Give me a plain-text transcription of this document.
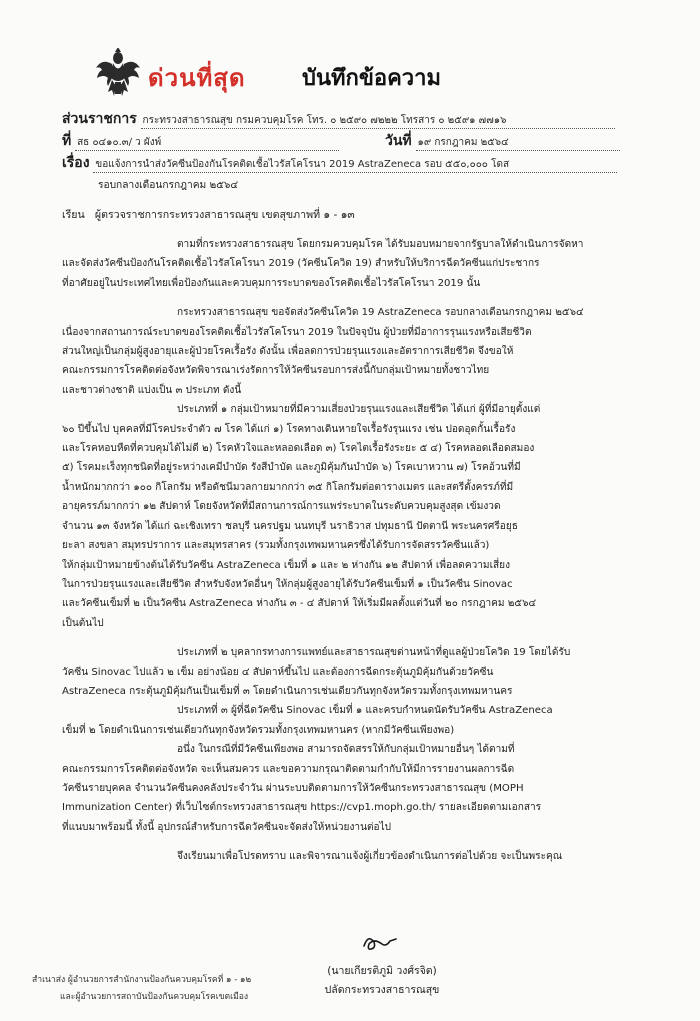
ด่วนที่สุด	บันทึกข้อความ
ส่วนราชการ กระทรวงสาธารณสุข กรมควบคุมโรค โทร. ๐ ๒๕๙๐ ๗๒๒๒ โทรสาร ๐ ๒๕๙๑ ๗๗๑๖
ที่ สธ ๐๔๑๐.๓/ ว ผังพ์	วันที่ ๑๙ กรกฎาคม ๒๕๖๔
เรื่อง ขอแจ้งการนำส่งวัคซีนป้องกันโรคติดเชื้อไวรัสโคโรนา 2019 AstraZeneca รอบ ๕๕๐,๐๐๐ โดส
รอบกลางเดือนกรกฎาคม ๒๕๖๔
เรียน ผู้ตรวจราชการกระทรวงสาธารณสุข เขตสุขภาพที่ ๑ - ๑๓
ตามที่กระทรวงสาธารณสุข โดยกรมควบคุมโรค ได้รับมอบหมายจากรัฐบาลให้ดำเนินการจัดหา
และจัดส่งวัคซีนป้องกันโรคติดเชื้อไวรัสโคโรนา 2019 (วัคซีนโควิด 19) สำหรับให้บริการฉีดวัคซีนแก่ประชากร
ที่อาศัยอยู่ในประเทศไทยเพื่อป้องกันและควบคุมการระบาดของโรคติดเชื้อไวรัสโคโรนา 2019 นั้น
กระทรวงสาธารณสุข ขอจัดส่งวัคซีนโควิด 19 AstraZeneca รอบกลางเดือนกรกฎาคม ๒๕๖๔
เนื่องจากสถานการณ์ระบาดของโรคติดเชื้อไวรัสโคโรนา 2019 ในปัจจุบัน ผู้ป่วยที่มีอาการรุนแรงหรือเสียชีวิต
ส่วนใหญ่เป็นกลุ่มผู้สูงอายุและผู้ป่วยโรคเรื้อรัง ดังนั้น เพื่อลดการป่วยรุนแรงและอัตราการเสียชีวิต จึงขอให้
คณะกรรมการโรคติดต่อจังหวัดพิจารณาเร่งรัดการให้วัคซีนรอบการส่งนี้กับกลุ่มเป้าหมายทั้งชาวไทย
และชาวต่างชาติ แบ่งเป็น ๓ ประเภท ดังนี้
ประเภทที่ ๑ กลุ่มเป้าหมายที่มีความเสี่ยงป่วยรุนแรงและเสียชีวิต ได้แก่ ผู้ที่มีอายุตั้งแต่
๖๐ ปีขึ้นไป บุคคลที่มีโรคประจำตัว ๗ โรค ได้แก่ ๑) โรคทางเดินหายใจเรื้อรังรุนแรง เช่น ปอดอุดกั้นเรื้อรัง
และโรคหอบหืดที่ควบคุมได้ไม่ดี ๒) โรคหัวใจและหลอดเลือด ๓) โรคไตเรื้อรังระยะ ๕ ๔) โรคหลอดเลือดสมอง
๕) โรคมะเร็งทุกชนิดที่อยู่ระหว่างเคมีบำบัด รังสีบำบัด และภูมิคุ้มกันบำบัด ๖) โรคเบาหวาน ๗) โรคอ้วนที่มี
น้ำหนักมากกว่า ๑๐๐ กิโลกรัม หรือดัชนีมวลกายมากกว่า ๓๕ กิโลกรัมต่อตารางเมตร และสตรีตั้งครรภ์ที่มี
อายุครรภ์มากกว่า ๑๒ สัปดาห์ โดยจังหวัดที่มีสถานการณ์การแพร่ระบาดในระดับควบคุมสูงสุด เข้มงวด
จำนวน ๑๓ จังหวัด ได้แก่ ฉะเชิงเทรา ชลบุรี นครปฐม นนทบุรี นราธิวาส ปทุมธานี ปัตตานี พระนครศรีอยุธ
ยะลา สงขลา สมุทรปราการ และสมุทรสาคร (รวมทั้งกรุงเทพมหานครซึ่งได้รับการจัดสรรวัคซีนแล้ว)
ให้กลุ่มเป้าหมายข้างต้นได้รับวัคซีน AstraZeneca เข็มที่ ๑ และ ๒ ห่างกัน ๑๒ สัปดาห์ เพื่อลดความเสี่ยง
ในการป่วยรุนแรงและเสียชีวิต สำหรับจังหวัดอื่นๆ ให้กลุ่มผู้สูงอายุได้รับวัคซีนเข็มที่ ๑ เป็นวัคซีน Sinovac
และวัคซีนเข็มที่ ๒ เป็นวัคซีน AstraZeneca ห่างกัน ๓ - ๔ สัปดาห์ ให้เริ่มมีผลตั้งแต่วันที่ ๒๐ กรกฎาคม ๒๕๖๔
เป็นต้นไป
ประเภทที่ ๒ บุคลากรทางการแพทย์และสาธารณสุขด่านหน้าที่ดูแลผู้ป่วยโควิด 19 โดยได้รับ
วัคซีน Sinovac ไปแล้ว ๒ เข็ม อย่างน้อย ๔ สัปดาห์ขึ้นไป และต้องการฉีดกระตุ้นภูมิคุ้มกันด้วยวัคซีน
AstraZeneca กระตุ้นภูมิคุ้มกันเป็นเข็มที่ ๓ โดยดำเนินการเช่นเดียวกันทุกจังหวัดรวมทั้งกรุงเทพมหานคร
ประเภทที่ ๓ ผู้ที่ฉีดวัคซีน Sinovac เข็มที่ ๑ และครบกำหนดนัดรับวัคซีน AstraZeneca
เข็มที่ ๒ โดยดำเนินการเช่นเดียวกันทุกจังหวัดรวมทั้งกรุงเทพมหานคร (หากมีวัคซีนเพียงพอ)
อนึ่ง ในกรณีที่มีวัคซีนเพียงพอ สามารถจัดสรรให้กับกลุ่มเป้าหมายอื่นๆ ได้ตามที่
คณะกรรมการโรคติดต่อจังหวัด จะเห็นสมควร และขอความกรุณาติดตามกำกับให้มีการรายงานผลการฉีด
วัคซีนรายบุคคล จำนวนวัคซีนคงคลังประจำวัน ผ่านระบบติดตามการให้วัคซีนกระทรวงสาธารณสุข (MOPH
Immunization Center) ที่เว็บไซต์กระทรวงสาธารณสุข https://cvp1.moph.go.th/ รายละเอียดตามเอกสาร
ที่แนบมาพร้อมนี้ ทั้งนี้ อุปกรณ์สำหรับการฉีดวัคซีนจะจัดส่งให้หน่วยงานต่อไป
จึงเรียนมาเพื่อโปรดทราบ และพิจารณาแจ้งผู้เกี่ยวข้องดำเนินการต่อไปด้วย จะเป็นพระคุณ
(นายเกียรติภูมิ วงศ์รจิต)
ปลัดกระทรวงสาธารณสุข
สำเนาส่ง ผู้อำนวยการสำนักงานป้องกันควบคุมโรคที่ ๑ - ๑๒
และผู้อำนวยการสถาบันป้องกันควบคุมโรคเขตเมือง
